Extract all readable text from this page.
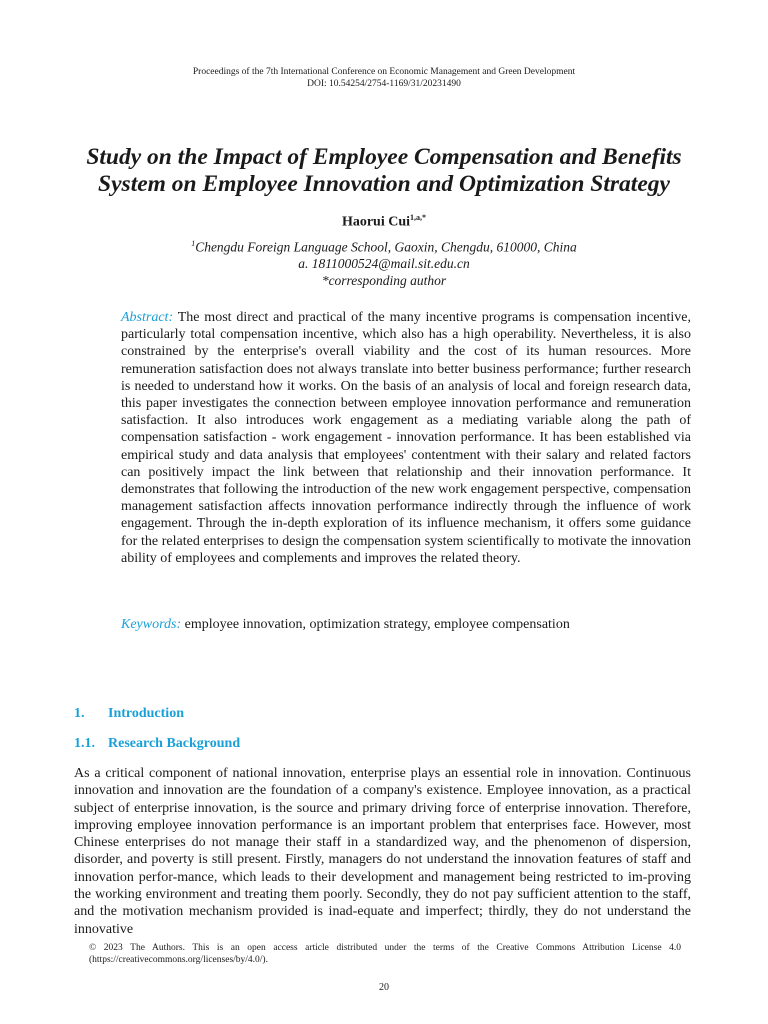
Proceedings of the 7th International Conference on Economic Management and Green Development
DOI: 10.54254/2754-1169/31/20231490
Study on the Impact of Employee Compensation and Benefits
System on Employee Innovation and Optimization Strategy
Haorui Cui$^{1,a,*}$
$^1$Chengdu Foreign Language School, Gaoxin, Chengdu, 610000, China
a. 1811000524@mail.sit.edu.cn
*corresponding author
Abstract: The most direct and practical of the many incentive programs is compensation incentive, particularly total compensation incentive, which also has a high operability. Nevertheless, it is also constrained by the enterprise's overall viability and the cost of its human resources. More remuneration satisfaction does not always translate into better business performance; further research is needed to understand how it works. On the basis of an analysis of local and foreign research data, this paper investigates the connection between employee innovation performance and remuneration satisfaction. It also introduces work engagement as a mediating variable along the path of compensation satisfaction - work engagement - innovation performance. It has been established via empirical study and data analysis that employees' contentment with their salary and related factors can positively impact the link between that relationship and their innovation performance. It demonstrates that following the introduction of the new work engagement perspective, compensation management satisfaction affects innovation performance indirectly through the influence of work engagement. Through the in-depth exploration of its influence mechanism, it offers some guidance for the related enterprises to design the compensation system scientifically to motivate the innovation ability of employees and complements and improves the related theory.
Keywords: employee innovation, optimization strategy, employee compensation
1. Introduction
1.1. Research Background
As a critical component of national innovation, enterprise plays an essential role in innovation. Continuous innovation and innovation are the foundation of a company's existence. Employee innovation, as a practical subject of enterprise innovation, is the source and primary driving force of enterprise innovation. Therefore, improving employee innovation performance is an important problem that enterprises face. However, most Chinese enterprises do not manage their staff in a standardized way, and the phenomenon of dispersion, disorder, and poverty is still present. Firstly, managers do not understand the innovation features of staff and innovation perfor-mance, which leads to their development and management being restricted to im-proving the working environment and treating them poorly. Secondly, they do not pay sufficient attention to the staff, and the motivation mechanism provided is inad-equate and imperfect; thirdly, they do not understand the innovative
© 2023 The Authors. This is an open access article distributed under the terms of the Creative Commons Attribution License 4.0 (https://creativecommons.org/licenses/by/4.0/).
20
